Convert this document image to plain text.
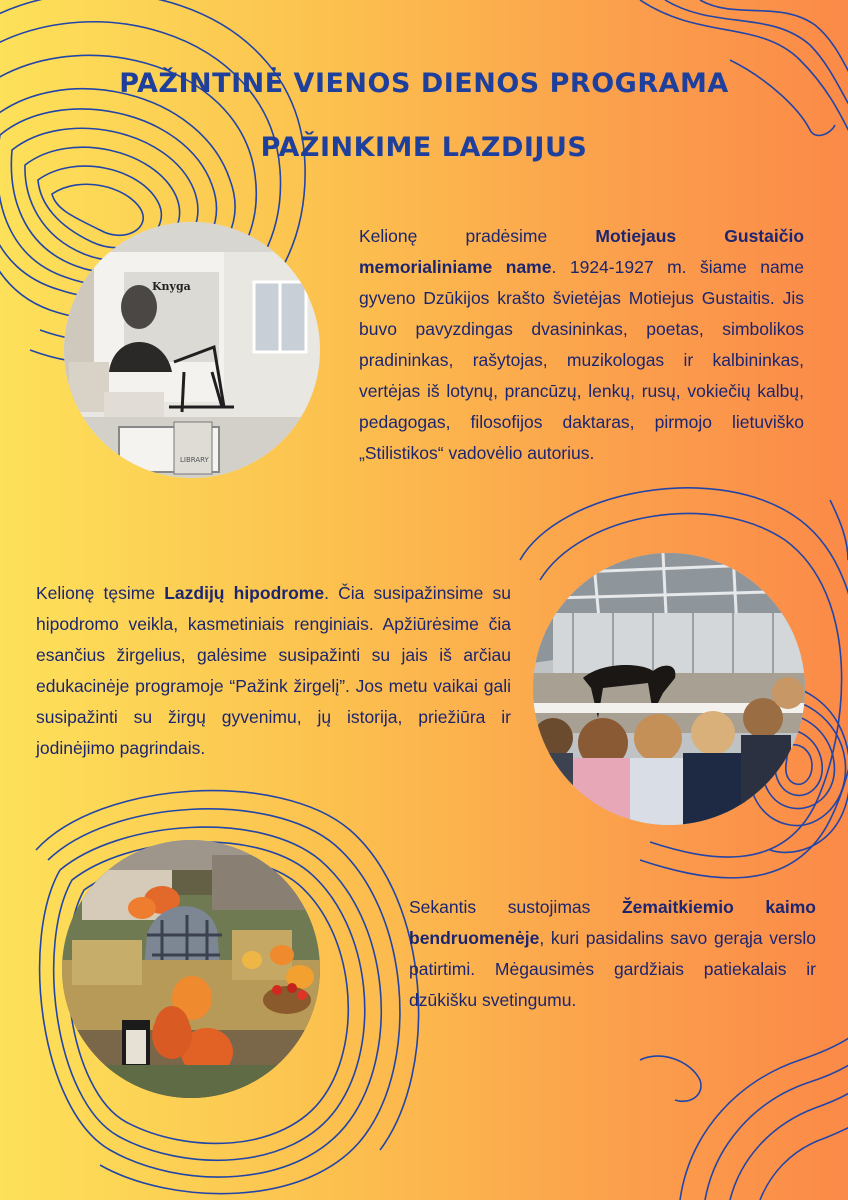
PAŽINTINĖ VIENOS DIENOS PROGRAMA
PAŽINKIME LAZDIJUS
Knyga
LIBRARY
Kelionę pradėsime Motiejaus Gustaičio memorialiniame name. 1924-1927 m. šiame name gyveno Dzūkijos krašto švietėjas Motiejus Gustaitis. Jis buvo pavyzdingas dvasininkas, poetas, simbolikos pradininkas, rašytojas, muzikologas ir kalbininkas, vertėjas iš lotynų, prancūzų, lenkų, rusų, vokiečių kalbų, pedagogas, filosofijos daktaras, pirmojo lietuviško „Stilistikos“ vadovėlio autorius.
Kelionę tęsime Lazdijų hipodrome. Čia susipažinsime su hipodromo veikla, kasmetiniais renginiais. Apžiūrėsime čia esančius žirgelius, galėsime susipažinti su jais iš arčiau edukacinėje programoje “Pažink žirgelį”. Jos metu vaikai gali susipažinti su žirgų gyvenimu, jų istorija, priežiūra ir jodinėjimo pagrindais.
Sekantis sustojimas Žemaitkiemio kaimo bendruomenėje, kuri pasidalins savo gerąja verslo patirtimi. Mėgausimės gardžiais patiekalais ir dzūkišku svetingumu.
